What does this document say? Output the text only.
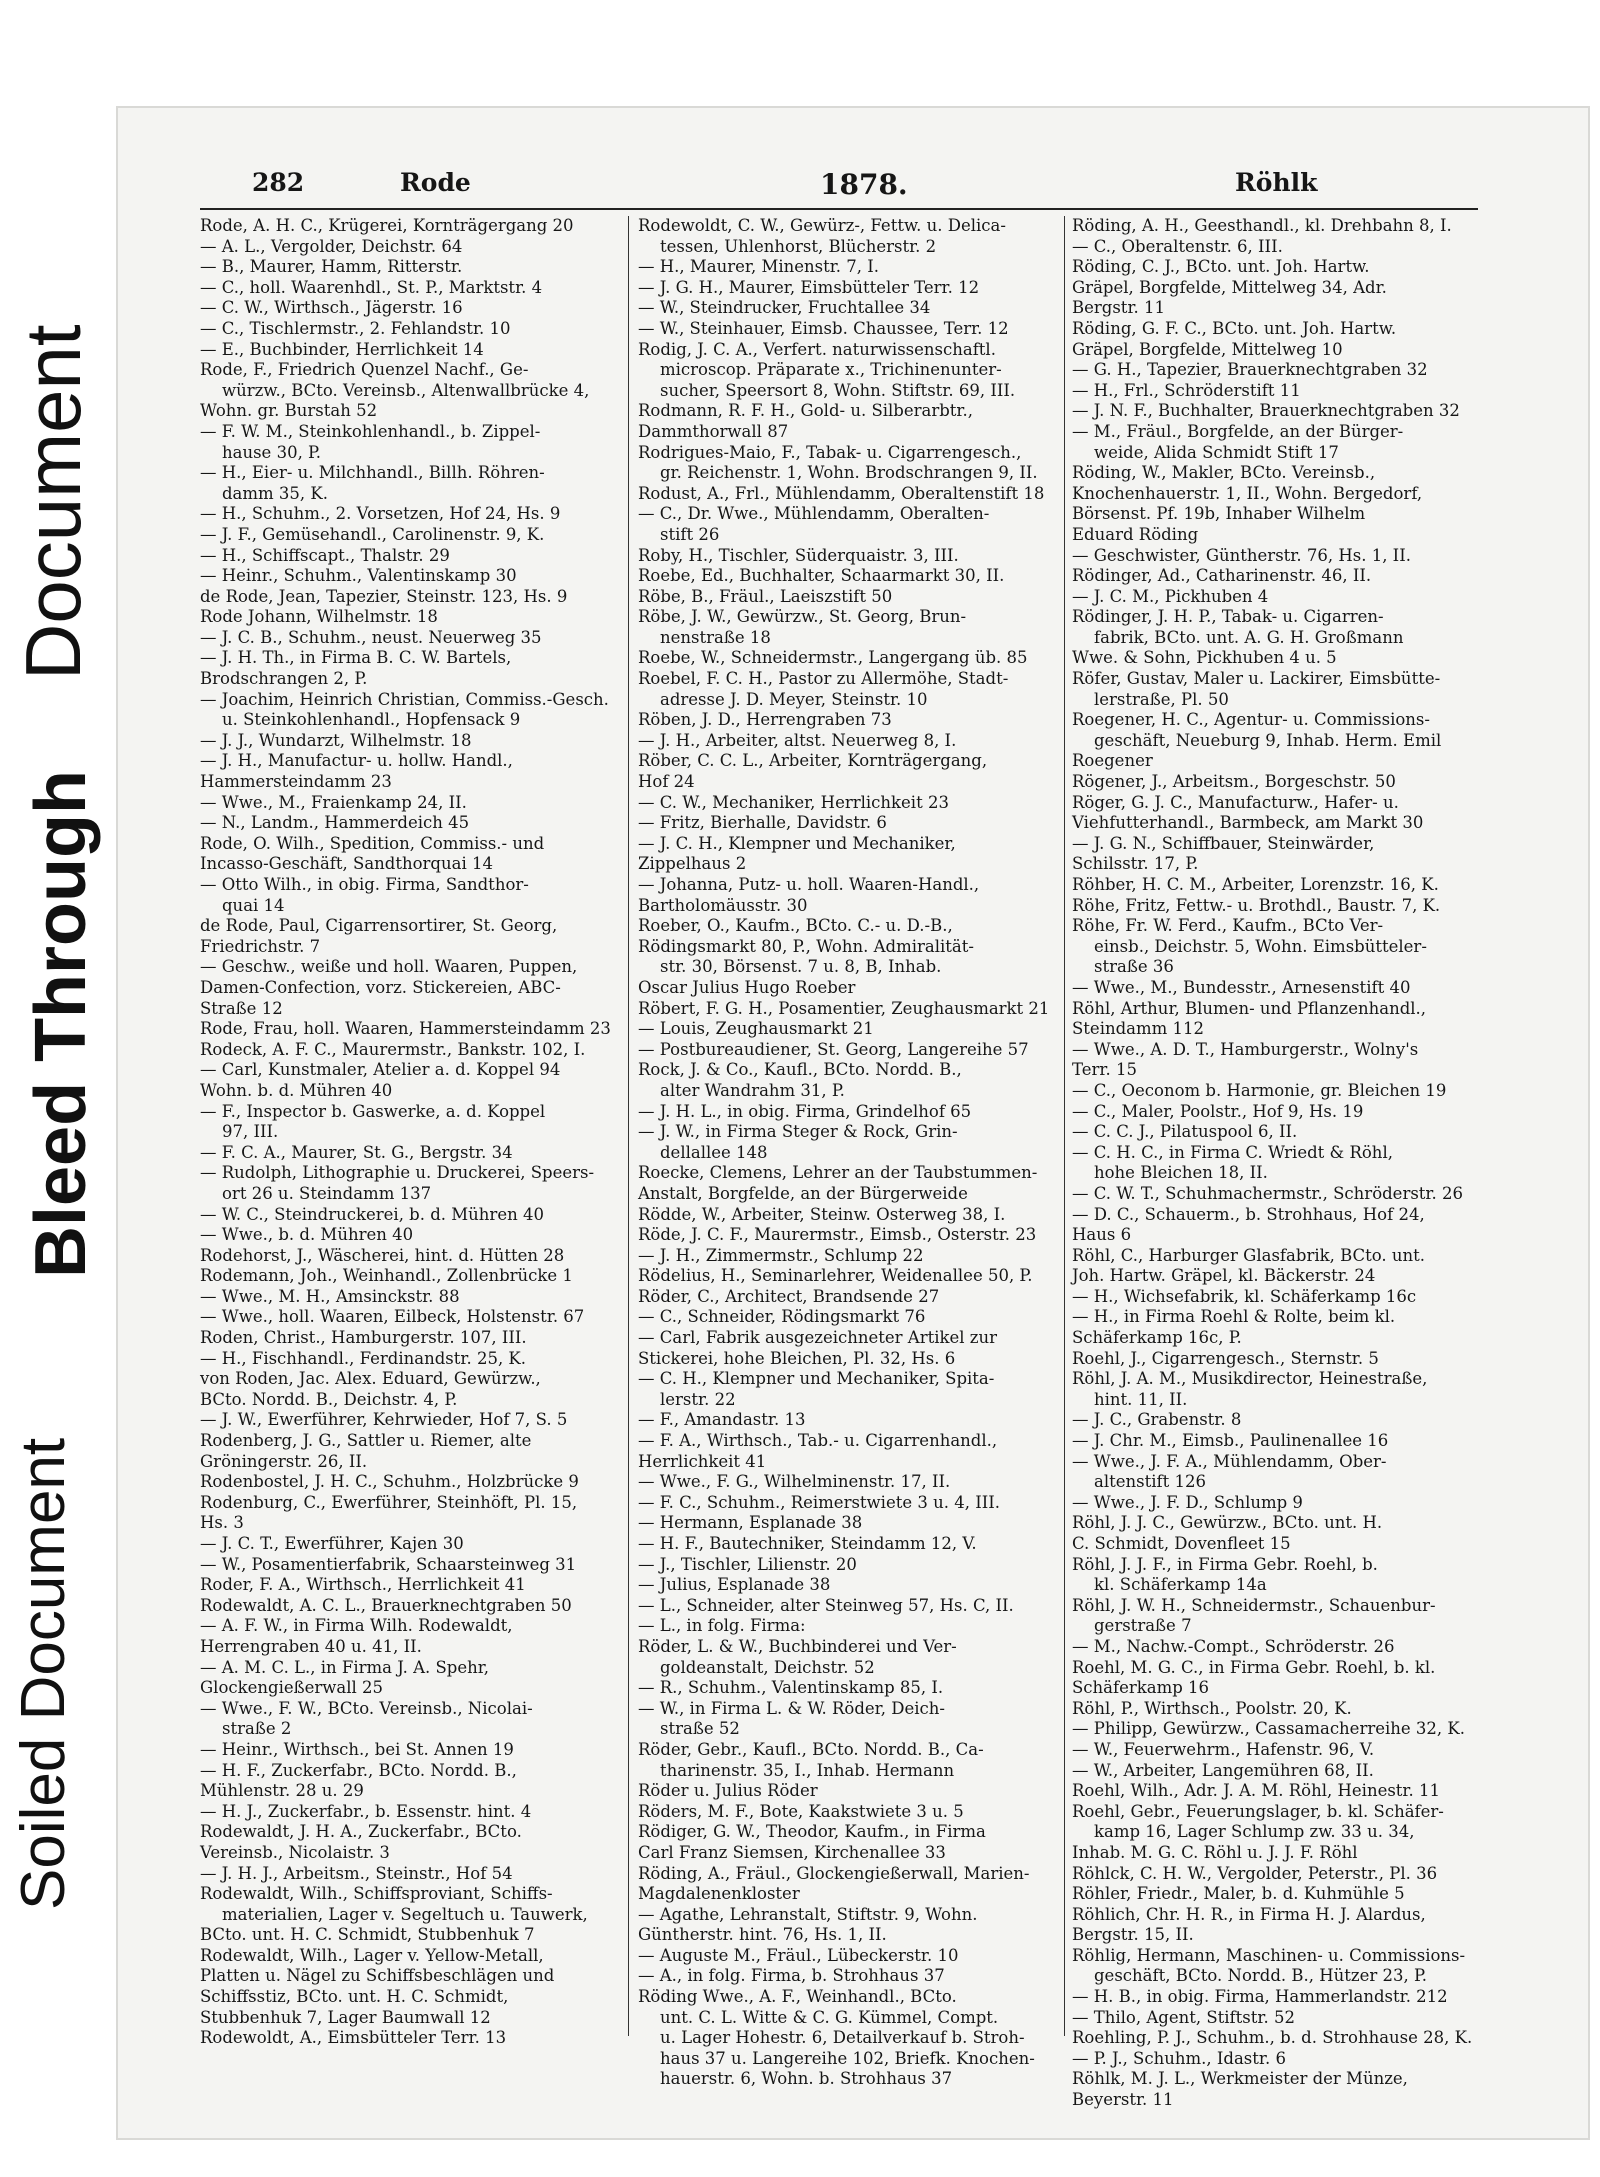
Document
Bleed Through
Soiled Document
282	Rode	1878.	Röhlk

Rode, A. H. C., Krügerei, Kornträgergang 20

— A. L., Vergolder, Deichstr. 64

— B., Maurer, Hamm, Ritterstr.

— C., holl. Waarenhdl., St. P., Marktstr. 4

— C. W., Wirthsch., Jägerstr. 16

— C., Tischlermstr., 2. Fehlandstr. 10

— E., Buchbinder, Herrlichkeit 14

Rode, F., Friedrich Quenzel Nachf., Ge-

würzw., BCto. Vereinsb., Altenwallbrücke 4,

Wohn. gr. Burstah 52

— F. W. M., Steinkohlenhandl., b. Zippel-

hause 30, P.

— H., Eier- u. Milchhandl., Billh. Röhren-

damm 35, K.

— H., Schuhm., 2. Vorsetzen, Hof 24, Hs. 9

— J. F., Gemüsehandl., Carolinenstr. 9, K.

— H., Schiffscapt., Thalstr. 29

— Heinr., Schuhm., Valentinskamp 30

de Rode, Jean, Tapezier, Steinstr. 123, Hs. 9

Rode Johann, Wilhelmstr. 18

— J. C. B., Schuhm., neust. Neuerweg 35

— J. H. Th., in Firma B. C. W. Bartels,

Brodschrangen 2, P.

— Joachim, Heinrich Christian, Commiss.-Gesch.

u. Steinkohlenhandl., Hopfensack 9

— J. J., Wundarzt, Wilhelmstr. 18

— J. H., Manufactur- u. hollw. Handl.,

Hammersteindamm 23

— Wwe., M., Fraienkamp 24, II.

— N., Landm., Hammerdeich 45

Rode, O. Wilh., Spedition, Commiss.- und

Incasso-Geschäft, Sandthorquai 14

— Otto Wilh., in obig. Firma, Sandthor-

quai 14

de Rode, Paul, Cigarrensortirer, St. Georg,

Friedrichstr. 7

— Geschw., weiße und holl. Waaren, Puppen,

Damen-Confection, vorz. Stickereien, ABC-

Straße 12

Rode, Frau, holl. Waaren, Hammersteindamm 23

Rodeck, A. F. C., Maurermstr., Bankstr. 102, I.

— Carl, Kunstmaler, Atelier a. d. Koppel 94

Wohn. b. d. Mühren 40

— F., Inspector b. Gaswerke, a. d. Koppel

97, III.

— F. C. A., Maurer, St. G., Bergstr. 34

— Rudolph, Lithographie u. Druckerei, Speers-

ort 26 u. Steindamm 137

— W. C., Steindruckerei, b. d. Mühren 40

— Wwe., b. d. Mühren 40

Rodehorst, J., Wäscherei, hint. d. Hütten 28

Rodemann, Joh., Weinhandl., Zollenbrücke 1

— Wwe., M. H., Amsinckstr. 88

— Wwe., holl. Waaren, Eilbeck, Holstenstr. 67

Roden, Christ., Hamburgerstr. 107, III.

— H., Fischhandl., Ferdinandstr. 25, K.

von Roden, Jac. Alex. Eduard, Gewürzw.,

BCto. Nordd. B., Deichstr. 4, P.

— J. W., Ewerführer, Kehrwieder, Hof 7, S. 5

Rodenberg, J. G., Sattler u. Riemer, alte

Gröningerstr. 26, II.

Rodenbostel, J. H. C., Schuhm., Holzbrücke 9

Rodenburg, C., Ewerführer, Steinhöft, Pl. 15,

Hs. 3

— J. C. T., Ewerführer, Kajen 30

— W., Posamentierfabrik, Schaarsteinweg 31

Roder, F. A., Wirthsch., Herrlichkeit 41

Rodewaldt, A. C. L., Brauerknechtgraben 50

— A. F. W., in Firma Wilh. Rodewaldt,

Herrengraben 40 u. 41, II.

— A. M. C. L., in Firma J. A. Spehr,

Glockengießerwall 25

— Wwe., F. W., BCto. Vereinsb., Nicolai-

straße 2

— Heinr., Wirthsch., bei St. Annen 19

— H. F., Zuckerfabr., BCto. Nordd. B.,

Mühlenstr. 28 u. 29

— H. J., Zuckerfabr., b. Essenstr. hint. 4

Rodewaldt, J. H. A., Zuckerfabr., BCto.

Vereinsb., Nicolaistr. 3

— J. H. J., Arbeitsm., Steinstr., Hof 54

Rodewaldt, Wilh., Schiffsproviant, Schiffs-

materialien, Lager v. Segeltuch u. Tauwerk,

BCto. unt. H. C. Schmidt, Stubbenhuk 7

Rodewaldt, Wilh., Lager v. Yellow-Metall,

Platten u. Nägel zu Schiffsbeschlägen und

Schiffsstiz, BCto. unt. H. C. Schmidt,

Stubbenhuk 7, Lager Baumwall 12

Rodewoldt, A., Eimsbütteler Terr. 13

Rodewoldt, C. W., Gewürz-, Fettw. u. Delica-

tessen, Uhlenhorst, Blücherstr. 2

— H., Maurer, Minenstr. 7, I.

— J. G. H., Maurer, Eimsbütteler Terr. 12

— W., Steindrucker, Fruchtallee 34

— W., Steinhauer, Eimsb. Chaussee, Terr. 12

Rodig, J. C. A., Verfert. naturwissenschaftl.

microscop. Präparate x., Trichinenunter-

sucher, Speersort 8, Wohn. Stiftstr. 69, III.

Rodmann, R. F. H., Gold- u. Silberarbtr.,

Dammthorwall 87

Rodrigues-Maio, F., Tabak- u. Cigarrengesch.,

gr. Reichenstr. 1, Wohn. Brodschrangen 9, II.

Rodust, A., Frl., Mühlendamm, Oberaltenstift 18

— C., Dr. Wwe., Mühlendamm, Oberalten-

stift 26

Roby, H., Tischler, Süderquaistr. 3, III.

Roebe, Ed., Buchhalter, Schaarmarkt 30, II.

Röbe, B., Fräul., Laeiszstift 50

Röbe, J. W., Gewürzw., St. Georg, Brun-

nenstraße 18

Roebe, W., Schneidermstr., Langergang üb. 85

Roebel, F. C. H., Pastor zu Allermöhe, Stadt-

adresse J. D. Meyer, Steinstr. 10

Röben, J. D., Herrengraben 73

— J. H., Arbeiter, altst. Neuerweg 8, I.

Röber, C. C. L., Arbeiter, Kornträgergang,

Hof 24

— C. W., Mechaniker, Herrlichkeit 23

— Fritz, Bierhalle, Davidstr. 6

— J. C. H., Klempner und Mechaniker,

Zippelhaus 2

— Johanna, Putz- u. holl. Waaren-Handl.,

Bartholomäusstr. 30

Roeber, O., Kaufm., BCto. C.- u. D.-B.,

Rödingsmarkt 80, P., Wohn. Admiralität-

str. 30, Börsenst. 7 u. 8, B, Inhab.

Oscar Julius Hugo Roeber

Röbert, F. G. H., Posamentier, Zeughausmarkt 21

— Louis, Zeughausmarkt 21

— Postbureaudiener, St. Georg, Langereihe 57

Rock, J. & Co., Kaufl., BCto. Nordd. B.,

alter Wandrahm 31, P.

— J. H. L., in obig. Firma, Grindelhof 65

— J. W., in Firma Steger & Rock, Grin-

dellallee 148

Roecke, Clemens, Lehrer an der Taubstummen-

Anstalt, Borgfelde, an der Bürgerweide

Rödde, W., Arbeiter, Steinw. Osterweg 38, I.

Röde, J. C. F., Maurermstr., Eimsb., Osterstr. 23

— J. H., Zimmermstr., Schlump 22

Rödelius, H., Seminarlehrer, Weidenallee 50, P.

Röder, C., Architect, Brandsende 27

— C., Schneider, Rödingsmarkt 76

— Carl, Fabrik ausgezeichneter Artikel zur

Stickerei, hohe Bleichen, Pl. 32, Hs. 6

— C. H., Klempner und Mechaniker, Spita-

lerstr. 22

— F., Amandastr. 13

— F. A., Wirthsch., Tab.- u. Cigarrenhandl.,

Herrlichkeit 41

— Wwe., F. G., Wilhelminenstr. 17, II.

— F. C., Schuhm., Reimerstwiete 3 u. 4, III.

— Hermann, Esplanade 38

— H. F., Bautechniker, Steindamm 12, V.

— J., Tischler, Lilienstr. 20

— Julius, Esplanade 38

— L., Schneider, alter Steinweg 57, Hs. C, II.

— L., in folg. Firma:

Röder, L. & W., Buchbinderei und Ver-

goldeanstalt, Deichstr. 52

— R., Schuhm., Valentinskamp 85, I.

— W., in Firma L. & W. Röder, Deich-

straße 52

Röder, Gebr., Kaufl., BCto. Nordd. B., Ca-

tharinenstr. 35, I., Inhab. Hermann

Röder u. Julius Röder

Röders, M. F., Bote, Kaakstwiete 3 u. 5

Rödiger, G. W., Theodor, Kaufm., in Firma

Carl Franz Siemsen, Kirchenallee 33

Röding, A., Fräul., Glockengießerwall, Marien-

Magdalenenkloster

— Agathe, Lehranstalt, Stiftstr. 9, Wohn.

Güntherstr. hint. 76, Hs. 1, II.

— Auguste M., Fräul., Lübeckerstr. 10

— A., in folg. Firma, b. Strohhaus 37

Röding Wwe., A. F., Weinhandl., BCto.

unt. C. L. Witte & C. G. Kümmel, Compt.

u. Lager Hohestr. 6, Detailverkauf b. Stroh-

haus 37 u. Langereihe 102, Briefk. Knochen-

hauerstr. 6, Wohn. b. Strohhaus 37

Röding, A. H., Geesthandl., kl. Drehbahn 8, I.

— C., Oberaltenstr. 6, III.

Röding, C. J., BCto. unt. Joh. Hartw.

Gräpel, Borgfelde, Mittelweg 34, Adr.

Bergstr. 11

Röding, G. F. C., BCto. unt. Joh. Hartw.

Gräpel, Borgfelde, Mittelweg 10

— G. H., Tapezier, Brauerknechtgraben 32

— H., Frl., Schröderstift 11

— J. N. F., Buchhalter, Brauerknechtgraben 32

— M., Fräul., Borgfelde, an der Bürger-

weide, Alida Schmidt Stift 17

Röding, W., Makler, BCto. Vereinsb.,

Knochenhauerstr. 1, II., Wohn. Bergedorf,

Börsenst. Pf. 19b, Inhaber Wilhelm

Eduard Röding

— Geschwister, Güntherstr. 76, Hs. 1, II.

Rödinger, Ad., Catharinenstr. 46, II.

— J. C. M., Pickhuben 4

Rödinger, J. H. P., Tabak- u. Cigarren-

fabrik, BCto. unt. A. G. H. Großmann

Wwe. & Sohn, Pickhuben 4 u. 5

Röfer, Gustav, Maler u. Lackirer, Eimsbütte-

lerstraße, Pl. 50

Roegener, H. C., Agentur- u. Commissions-

geschäft, Neueburg 9, Inhab. Herm. Emil

Roegener

Rögener, J., Arbeitsm., Borgeschstr. 50

Röger, G. J. C., Manufacturw., Hafer- u.

Viehfutterhandl., Barmbeck, am Markt 30

— J. G. N., Schiffbauer, Steinwärder,

Schilsstr. 17, P.

Röhber, H. C. M., Arbeiter, Lorenzstr. 16, K.

Röhe, Fritz, Fettw.- u. Brothdl., Baustr. 7, K.

Röhe, Fr. W. Ferd., Kaufm., BCto Ver-

einsb., Deichstr. 5, Wohn. Eimsbütteler-

straße 36

— Wwe., M., Bundesstr., Arnesenstift 40

Röhl, Arthur, Blumen- und Pflanzenhandl.,

Steindamm 112

— Wwe., A. D. T., Hamburgerstr., Wolny's

Terr. 15

— C., Oeconom b. Harmonie, gr. Bleichen 19

— C., Maler, Poolstr., Hof 9, Hs. 19

— C. C. J., Pilatuspool 6, II.

— C. H. C., in Firma C. Wriedt & Röhl,

hohe Bleichen 18, II.

— C. W. T., Schuhmachermstr., Schröderstr. 26

— D. C., Schauerm., b. Strohhaus, Hof 24,

Haus 6

Röhl, C., Harburger Glasfabrik, BCto. unt.

Joh. Hartw. Gräpel, kl. Bäckerstr. 24

— H., Wichsefabrik, kl. Schäferkamp 16c

— H., in Firma Roehl & Rolte, beim kl.

Schäferkamp 16c, P.

Roehl, J., Cigarrengesch., Sternstr. 5

Röhl, J. A. M., Musikdirector, Heinestraße,

hint. 11, II.

— J. C., Grabenstr. 8

— J. Chr. M., Eimsb., Paulinenallee 16

— Wwe., J. F. A., Mühlendamm, Ober-

altenstift 126

— Wwe., J. F. D., Schlump 9

Röhl, J. J. C., Gewürzw., BCto. unt. H.

C. Schmidt, Dovenfleet 15

Röhl, J. J. F., in Firma Gebr. Roehl, b.

kl. Schäferkamp 14a

Röhl, J. W. H., Schneidermstr., Schauenbur-

gerstraße 7

— M., Nachw.-Compt., Schröderstr. 26

Roehl, M. G. C., in Firma Gebr. Roehl, b. kl.

Schäferkamp 16

Röhl, P., Wirthsch., Poolstr. 20, K.

— Philipp, Gewürzw., Cassamacherreihe 32, K.

— W., Feuerwehrm., Hafenstr. 96, V.

— W., Arbeiter, Langemühren 68, II.

Roehl, Wilh., Adr. J. A. M. Röhl, Heinestr. 11

Roehl, Gebr., Feuerungslager, b. kl. Schäfer-

kamp 16, Lager Schlump zw. 33 u. 34,

Inhab. M. G. C. Röhl u. J. J. F. Röhl

Röhlck, C. H. W., Vergolder, Peterstr., Pl. 36

Röhler, Friedr., Maler, b. d. Kuhmühle 5

Röhlich, Chr. H. R., in Firma H. J. Alardus,

Bergstr. 15, II.

Röhlig, Hermann, Maschinen- u. Commissions-

geschäft, BCto. Nordd. B., Hützer 23, P.

— H. B., in obig. Firma, Hammerlandstr. 212

— Thilo, Agent, Stiftstr. 52

Roehling, P. J., Schuhm., b. d. Strohhause 28, K.

— P. J., Schuhm., Idastr. 6

Röhlk, M. J. L., Werkmeister der Münze,

Beyerstr. 11
